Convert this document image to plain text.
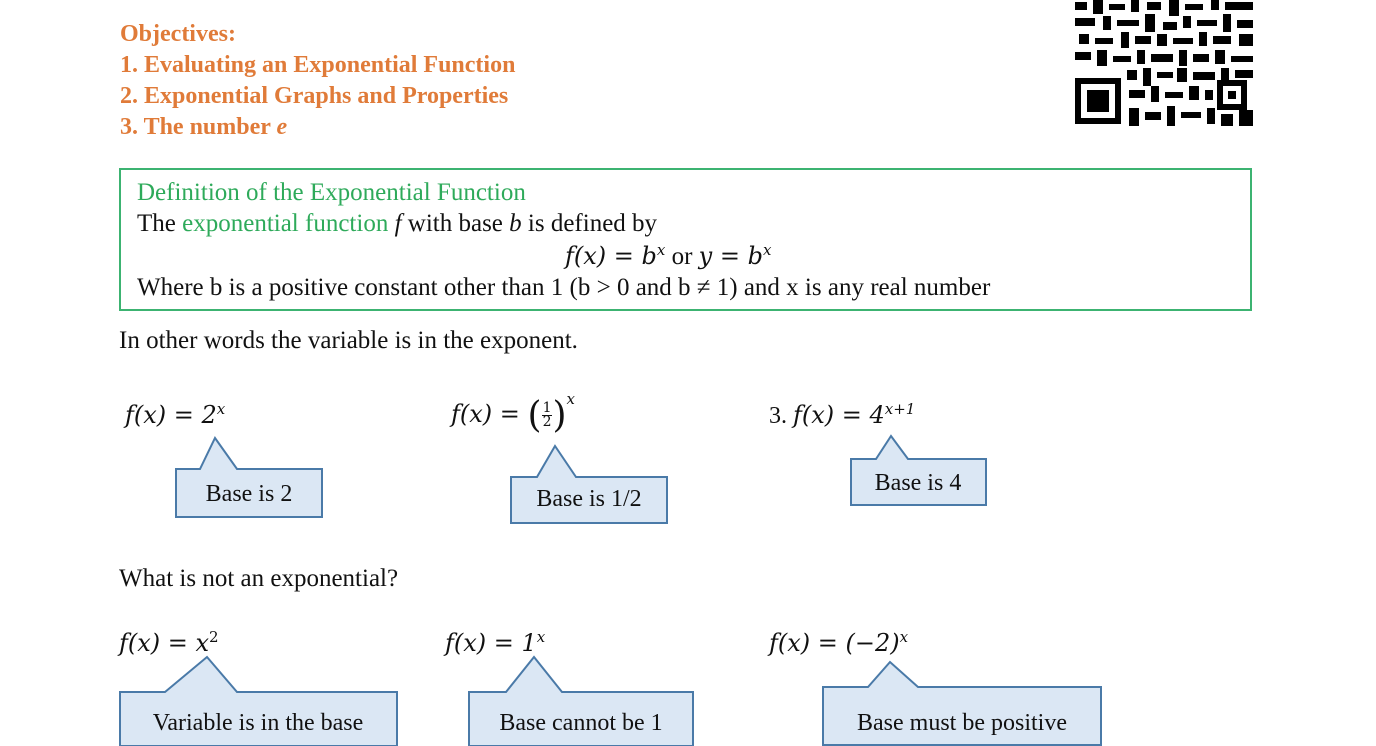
Objectives:
1. Evaluating an Exponential Function
2. Exponential Graphs and Properties
3. The number e
Definition of the Exponential Function
The exponential function f with base b is defined by
$f(x) = b^x$ or $y = b^x$
Where b is a positive constant other than 1 (b > 0 and b ≠ 1) and x is any real number
In other words the variable is in the exponent.
$f(x) = 2^x$
Base is 2
f(x) = ( $\frac{1}{2} )^x$
Base is 1/2
3. $f(x) = 4^{x+1}$
Base is 4
What is not an exponential?
$f(x) = x^2$
Variable is in the base
$f(x) = 1^x$
Base cannot be 1
$f(x) = (-2)^x$
Base must be positive
